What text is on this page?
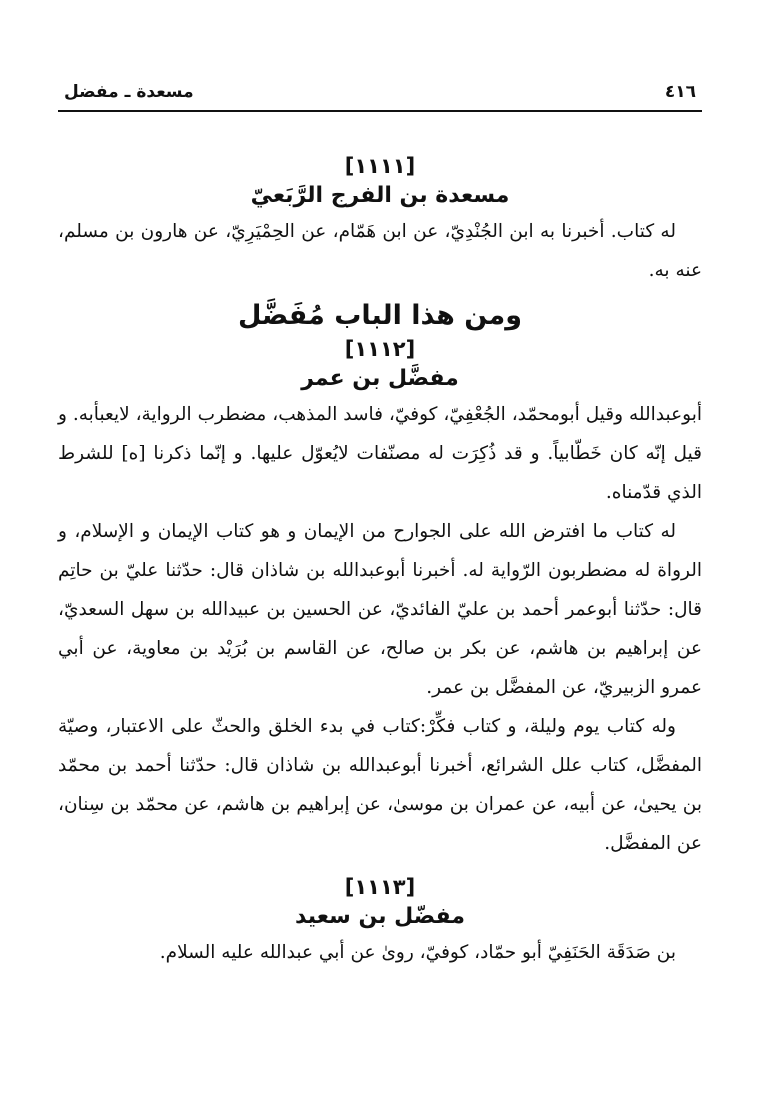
٤١٦
مسعدة ـ مفضل

[١١١١]

مسعدة بن الفرج الرَّبَعيّ

له كتاب. أخبرنا به ابن الجُنْدِيّ، عن ابن هَمّام، عن الحِمْيَرِيّ، عن هارون بن مسلم، عنه به.

ومن هذا الباب مُفَضَّل

[١١١٢]

مفضَّل بن عمر

أبوعبدالله وقيل أبومحمّد، الجُعْفِيّ، كوفيّ، فاسد المذهب، مضطرب الرواية، لايعبأبه. و قيل إنّه كان خَطّابياً. و قد ذُكِرَت له مصنّفات لايُعوّل عليها. و إنّما ذكرنا [ه] للشرط الذي قدّمناه.

له كتاب ما افترض الله على الجوارح من الإيمان و هو كتاب الإيمان و الإسلام، و الرواة له مضطربون الرّواية له. أخبرنا أبوعبدالله بن شاذان قال: حدّثنا عليّ بن حاتِم قال: حدّثنا أبوعمر أحمد بن عليّ الفائديّ، عن الحسين بن عبيدالله بن سهل السعديّ، عن إبراهيم بن هاشم، عن بكر بن صالح، عن القاسم بن بُرَيْد بن معاوية، عن أبي عمرو الزبيريّ، عن المفضَّل بن عمر.

وله كتاب يوم وليلة، و كتاب فكِّرْ:كتاب في بدء الخلق والحثّ على الاعتبار، وصيّة المفضَّل، كتاب علل الشرائع، أخبرنا أبوعبدالله بن شاذان قال: حدّثنا أحمد بن محمّد بن يحيىٰ، عن أبيه، عن عمران بن موسىٰ، عن إبراهيم بن هاشم، عن محمّد بن سِنان، عن المفضَّل.

[١١١٣]

مفضّل بن سعيد

بن صَدَقَة الحَنَفِيّ أبو حمّاد، كوفيّ، روىٰ عن أبي عبدالله عليه السلام.
